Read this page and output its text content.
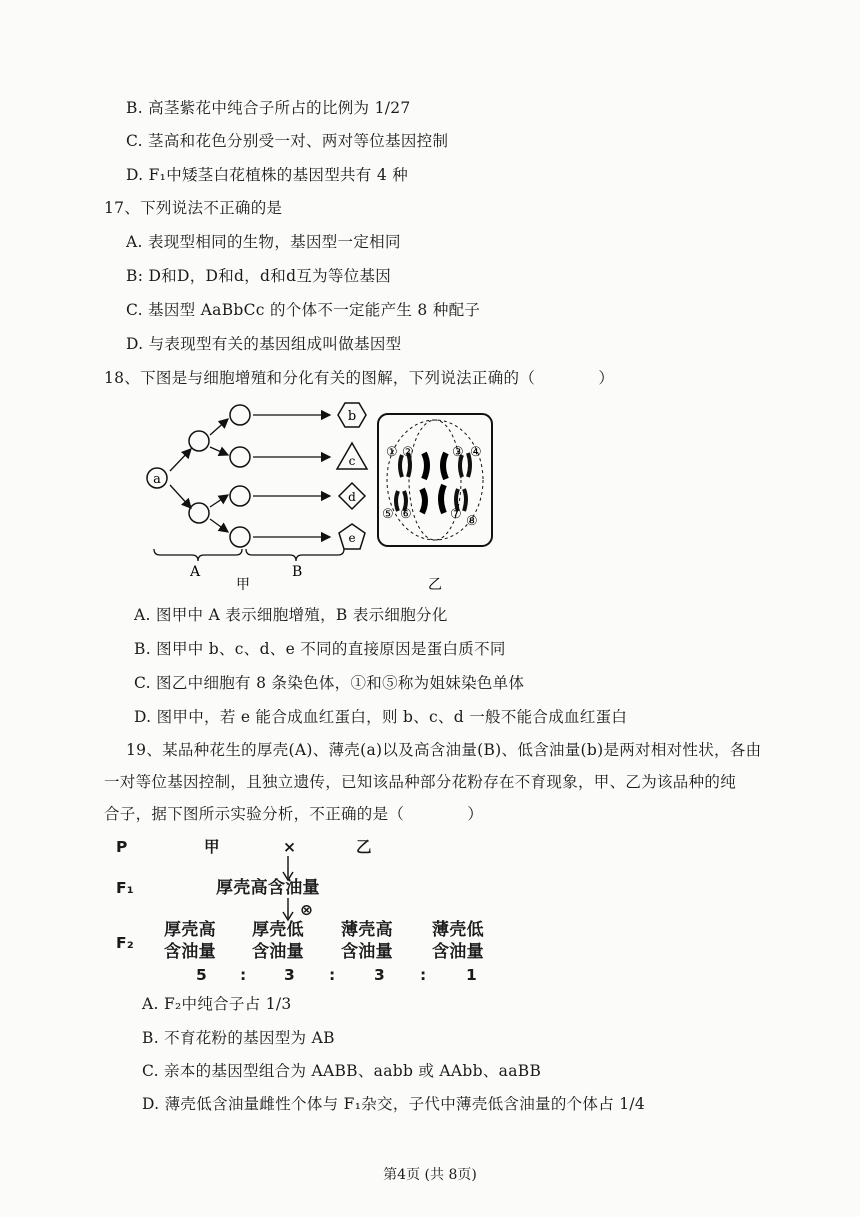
B. 高茎紫花中纯合子所占的比例为 1/27
C. 茎高和花色分别受一对、两对等位基因控制
D. F₁中矮茎白花植株的基因型共有 4 种
17、下列说法不正确的是
A. 表现型相同的生物，基因型一定相同
B: D和D，D和d，d和d互为等位基因
C. 基因型 AaBbCc 的个体不一定能产生 8 种配子
D. 与表现型有关的基因组成叫做基因型
18、下图是与细胞增殖和分化有关的图解，下列说法正确的（　　　　）
a
b
c
d
e
A	B
甲
① ②	③ ④
⑤ ⑥	⑦ ⑧
乙
A. 图甲中 A 表示细胞增殖，B 表示细胞分化
B. 图甲中 b、c、d、e 不同的直接原因是蛋白质不同
C. 图乙中细胞有 8 条染色体，①和⑤称为姐妹染色单体
D. 图甲中，若 e 能合成血红蛋白，则 b、c、d 一般不能合成血红蛋白
19、某品种花生的厚壳(A)、薄壳(a)以及高含油量(B)、低含油量(b)是两对相对性状，各由
一对等位基因控制，且独立遗传，已知该品种部分花粉存在不育现象，甲、乙为该品种的纯
合子，据下图所示实验分析，不正确的是（　　　　）
P	甲	×	乙
F₁	厚壳高含油量
⊗
F₂
厚壳高
含油量
厚壳低
含油量
薄壳高
含油量
薄壳低
含油量
5 : 3 : 3 :	1
A. F₂中纯合子占 1/3
B. 不育花粉的基因型为 AB
C. 亲本的基因型组合为 AABB、aabb 或 AAbb、aaBB
D. 薄壳低含油量雌性个体与 F₁杂交，子代中薄壳低含油量的个体占 1/4
第4页 (共 8页)
